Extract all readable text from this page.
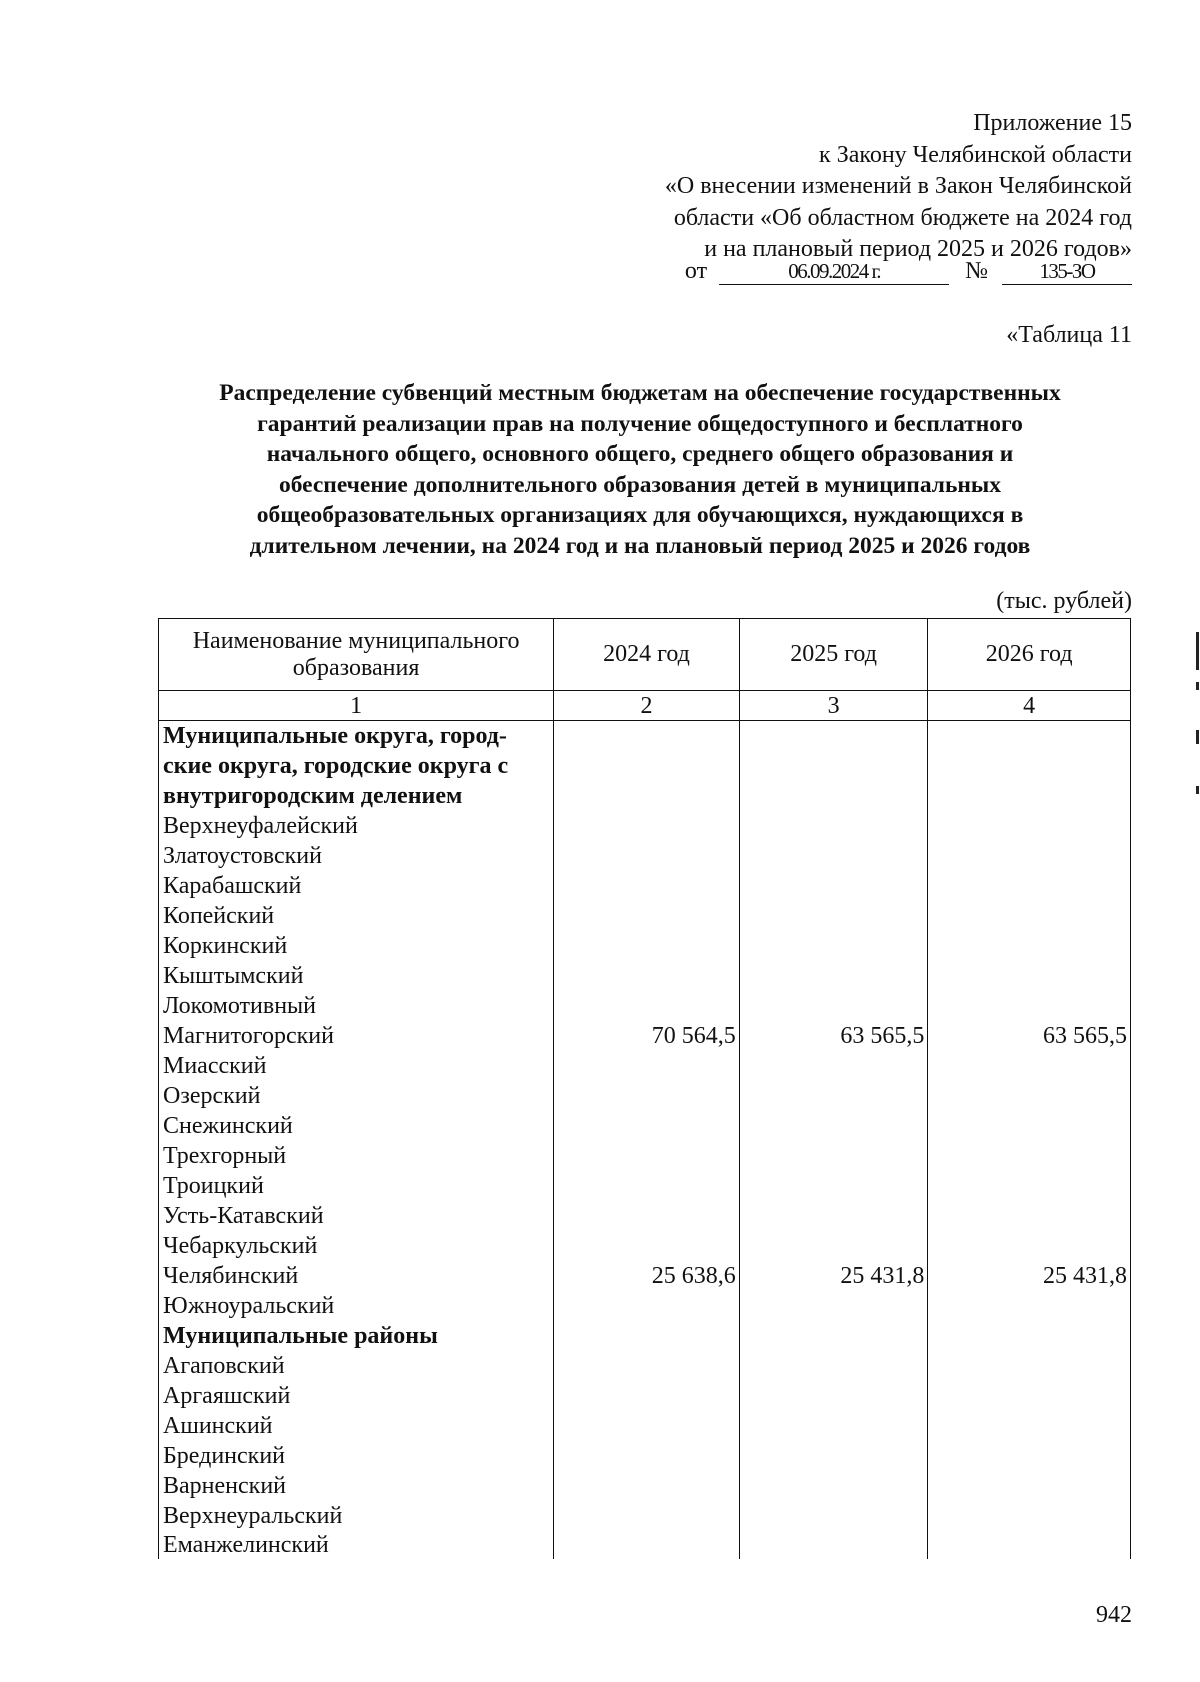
Приложение 15
к Закону Челябинской области
«О внесении изменений в Закон Челябинской
области «Об областном бюджете на 2024 год
и на плановый период 2025 и 2026 годов»
от	06.09.2024 г.	№ 135-ЗО
«Таблица 11
Распределение субвенций местным бюджетам на обеспечение государственных
гарантий реализации прав на получение общедоступного и бесплатного
начального общего, основного общего, среднего общего образования и
обеспечение дополнительного образования детей в муниципальных
общеобразовательных организациях для обучающихся, нуждающихся в
длительном лечении, на 2024 год и на плановый период 2025 и 2026 годов
(тыс. рублей)
Наименование муниципального
образования	2024 год	2025 год	2026 год
1	2	3	4
Муниципальные округа, город-			
ские округа, городские округа с			
внутригородским делением			
Верхнеуфалейский			
Златоустовский			
Карабашский			
Копейский			
Коркинский			
Кыштымский			
Локомотивный			
Магнитогорский	70 564,5	63 565,5	63 565,5
Миасский			
Озерский			
Снежинский			
Трехгорный			
Троицкий			
Усть-Катавский			
Чебаркульский			
Челябинский	25 638,6	25 431,8	25 431,8
Южноуральский			
Муниципальные районы			
Агаповский			
Аргаяшский			
Ашинский			
Брединский			
Варненский			
Верхнеуральский			
Еманжелинский			
942
